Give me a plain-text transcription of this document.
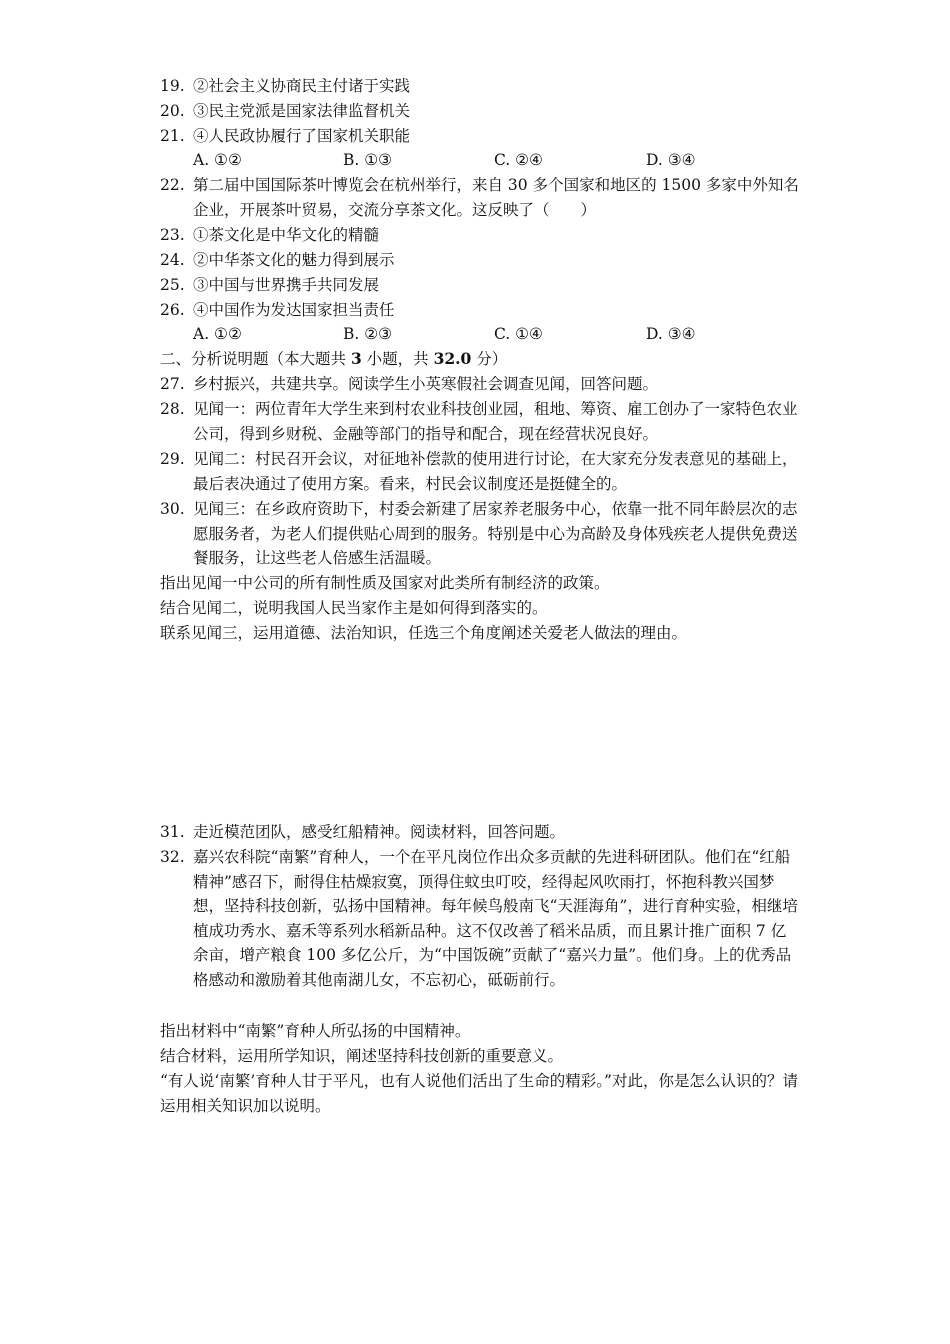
19. ②社会主义协商民主付诸于实践
20. ③民主党派是国家法律监督机关
21. ④人民政协履行了国家机关职能
A. ①②	B. ①③	C. ②④	D. ③④
22. 第二届中国国际茶叶博览会在杭州举行，来自 30 多个国家和地区的 1500 多家中外知名企业，开展茶叶贸易，交流分享茶文化。这反映了（　　）
23. ①茶文化是中华文化的精髓
24. ②中华茶文化的魅力得到展示
25. ③中国与世界携手共同发展
26. ④中国作为发达国家担当责任
A. ①②	B. ②③	C. ①④	D. ③④
二、分析说明题（本大题共 3 小题，共 32.0 分）
27. 乡村振兴，共建共享。阅读学生小英寒假社会调查见闻，回答问题。
28. 见闻一：两位青年大学生来到村农业科技创业园，租地、筹资、雇工创办了一家特色农业公司，得到乡财税、金融等部门的指导和配合，现在经营状况良好。
29. 见闻二：村民召开会议，对征地补偿款的使用进行讨论，在大家充分发表意见的基础上，最后表决通过了使用方案。看来，村民会议制度还是挺健全的。
30. 见闻三：在乡政府资助下，村委会新建了居家养老服务中心，依靠一批不同年龄层次的志愿服务者，为老人们提供贴心周到的服务。特别是中心为高龄及身体残疾老人提供免费送餐服务，让这些老人倍感生活温暖。
指出见闻一中公司的所有制性质及国家对此类所有制经济的政策。
结合见闻二，说明我国人民当家作主是如何得到落实的。
联系见闻三，运用道德、法治知识，任选三个角度阐述关爱老人做法的理由。
31. 走近模范团队，感受红船精神。阅读材料，回答问题。
32. 嘉兴农科院“南繁”育种人，一个在平凡岗位作出众多贡献的先进科研团队。他们在“红船精神”感召下，耐得住枯燥寂寞，顶得住蚊虫叮咬，经得起风吹雨打，怀抱科教兴国梦想，坚持科技创新，弘扬中国精神。每年候鸟般南飞“天涯海角”，进行育种实验，相继培植成功秀水、嘉禾等系列水稻新品种。这不仅改善了稻米品质，而且累计推广面积 7 亿余亩，增产粮食 100 多亿公斤，为“中国饭碗”贡献了“嘉兴力量”。他们身。上的优秀品格感动和激励着其他南湖儿女，不忘初心，砥砺前行。
指出材料中“南繁”育种人所弘扬的中国精神。
结合材料，运用所学知识，阐述坚持科技创新的重要意义。
“有人说‘南繁’育种人甘于平凡，也有人说他们活出了生命的精彩。”对此，你是怎么认识的？请运用相关知识加以说明。
